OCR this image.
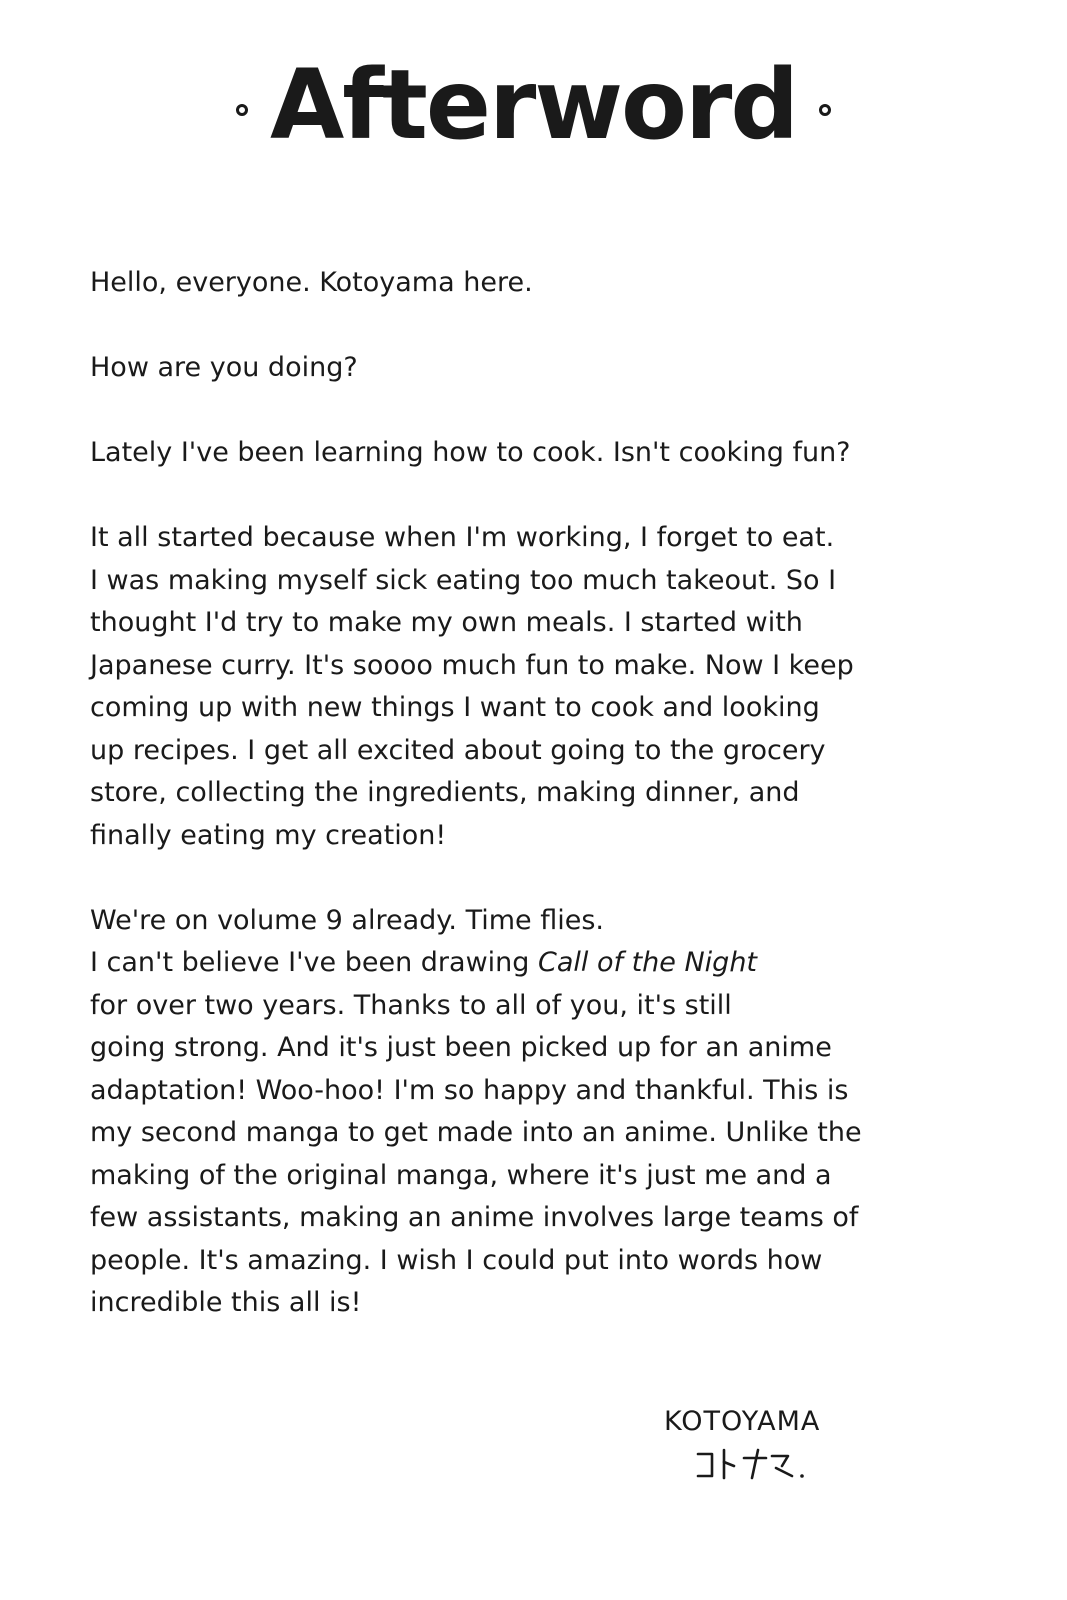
Afterword

Hello, everyone. Kotoyama here.

How are you doing?

Lately I've been learning how to cook. Isn't cooking fun?

It all started because when I'm working, I forget to eat.
I was making myself sick eating too much takeout. So I
thought I'd try to make my own meals. I started with
Japanese curry. It's soooo much fun to make. Now I keep
coming up with new things I want to cook and looking
up recipes. I get all excited about going to the grocery
store, collecting the ingredients, making dinner, and
finally eating my creation!

We're on volume 9 already. Time flies.
I can't believe I've been drawing Call of the Night
for over two years. Thanks to all of you, it's still
going strong. And it's just been picked up for an anime
adaptation! Woo-hoo! I'm so happy and thankful. This is
my second manga to get made into an anime. Unlike the
making of the original manga, where it's just me and a
few assistants, making an anime involves large teams of
people. It's amazing. I wish I could put into words how
incredible this all is!

KOTOYAMA
